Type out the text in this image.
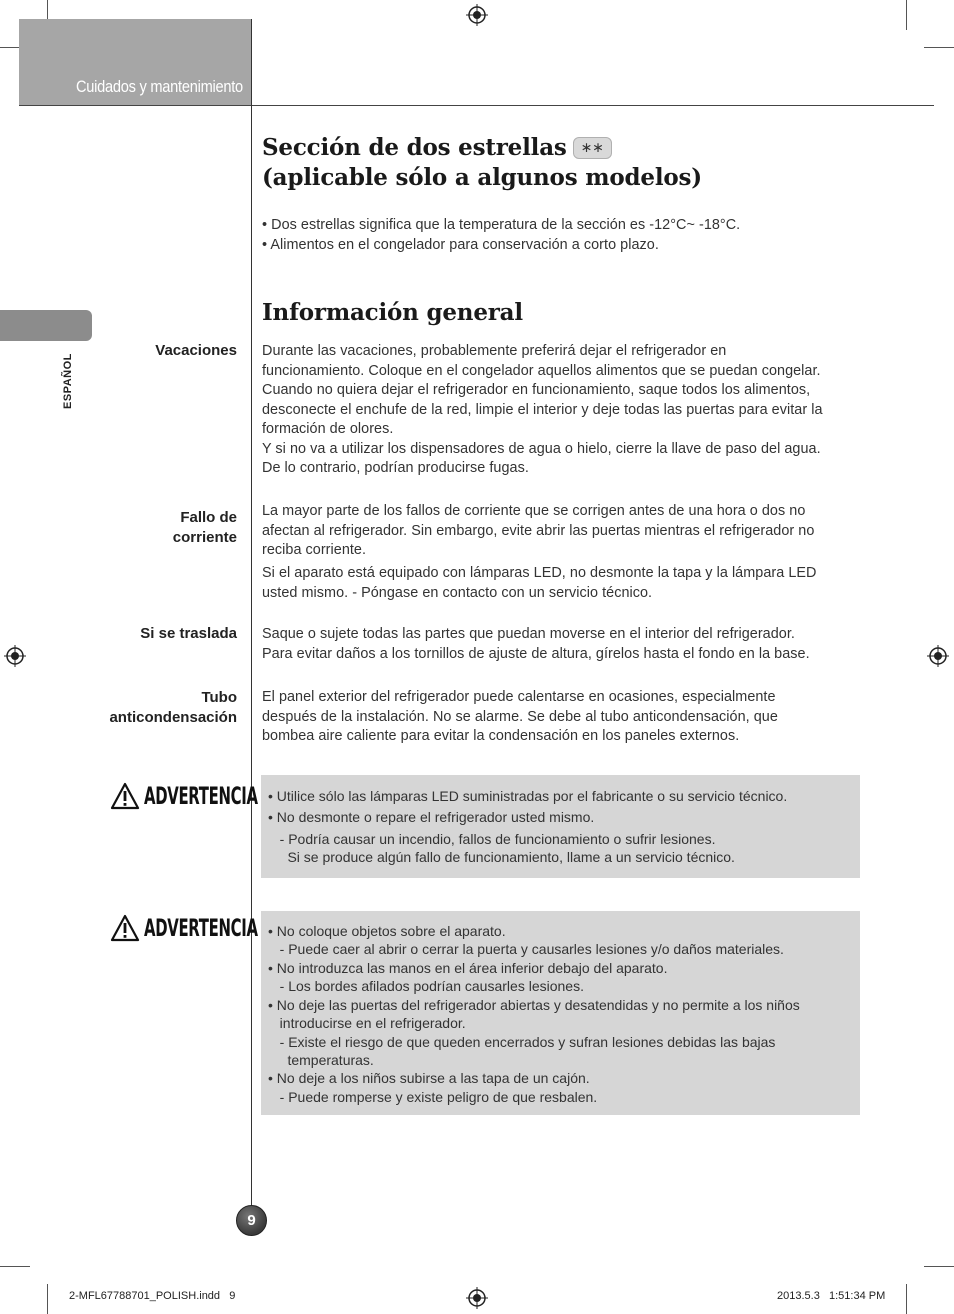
Cuidados y mantenimiento
ESPAÑOL
Sección de dos estrellas ∗∗
(aplicable sólo a algunos modelos)

• Dos estrellas significa que la temperatura de la sección es -12°C~ -18°C.

• Alimentos en el congelador para conservación a corto plazo.

Información general
Vacaciones Durante las vacaciones, probablemente preferirá dejar el refrigerador en

funcionamiento. Coloque en el congelador aquellos alimentos que se puedan congelar.

Cuando no quiera dejar el refrigerador en funcionamiento, saque todos los alimentos,

desconecte el enchufe de la red, limpie el interior y deje todas las puertas para evitar la

formación de olores.

Y si no va a utilizar los dispensadores de agua o hielo, cierre la llave de paso del agua.

De lo contrario, podrían producirse fugas.

Fallo de
corriente

La mayor parte de los fallos de corriente que se corrigen antes de una hora o dos no

afectan al refrigerador. Sin embargo, evite abrir las puertas mientras el refrigerador no

reciba corriente.

Si el aparato está equipado con lámparas LED, no desmonte la tapa y la lámpara LED

usted mismo. - Póngase en contacto con un servicio técnico.

Si se traslada Saque o sujete todas las partes que puedan moverse en el interior del refrigerador.

Para evitar daños a los tornillos de ajuste de altura, gírelos hasta el fondo en la base.

Tubo
anticondensación

El panel exterior del refrigerador puede calentarse en ocasiones, especialmente

después de la instalación. No se alarme. Se debe al tubo anticondensación, que

bombea aire caliente para evitar la condensación en los paneles externos.

ADVERTENCIA • Utilice sólo las lámparas LED suministradas por el fabricante o su servicio técnico.
• No desmonte o repare el refrigerador usted mismo.
- Podría causar un incendio, fallos de funcionamiento o sufrir lesiones.
Si se produce algún fallo de funcionamiento, llame a un servicio técnico.
ADVERTENCIA • No coloque objetos sobre el aparato.
- Puede caer al abrir o cerrar la puerta y causarles lesiones y/o daños materiales.
• No introduzca las manos en el área inferior debajo del aparato.
- Los bordes afilados podrían causarles lesiones.
• No deje las puertas del refrigerador abiertas y desatendidas y no permite a los niños
introducirse en el refrigerador.
- Existe el riesgo de que queden encerrados y sufran lesiones debidas las bajas
temperaturas.
• No deje a los niños subirse a las tapa de un cajón.
- Puede romperse y existe peligro de que resbalen.
9
2-MFL67788701_POLISH.indd   9	2013.5.3   1:51:34 PM
